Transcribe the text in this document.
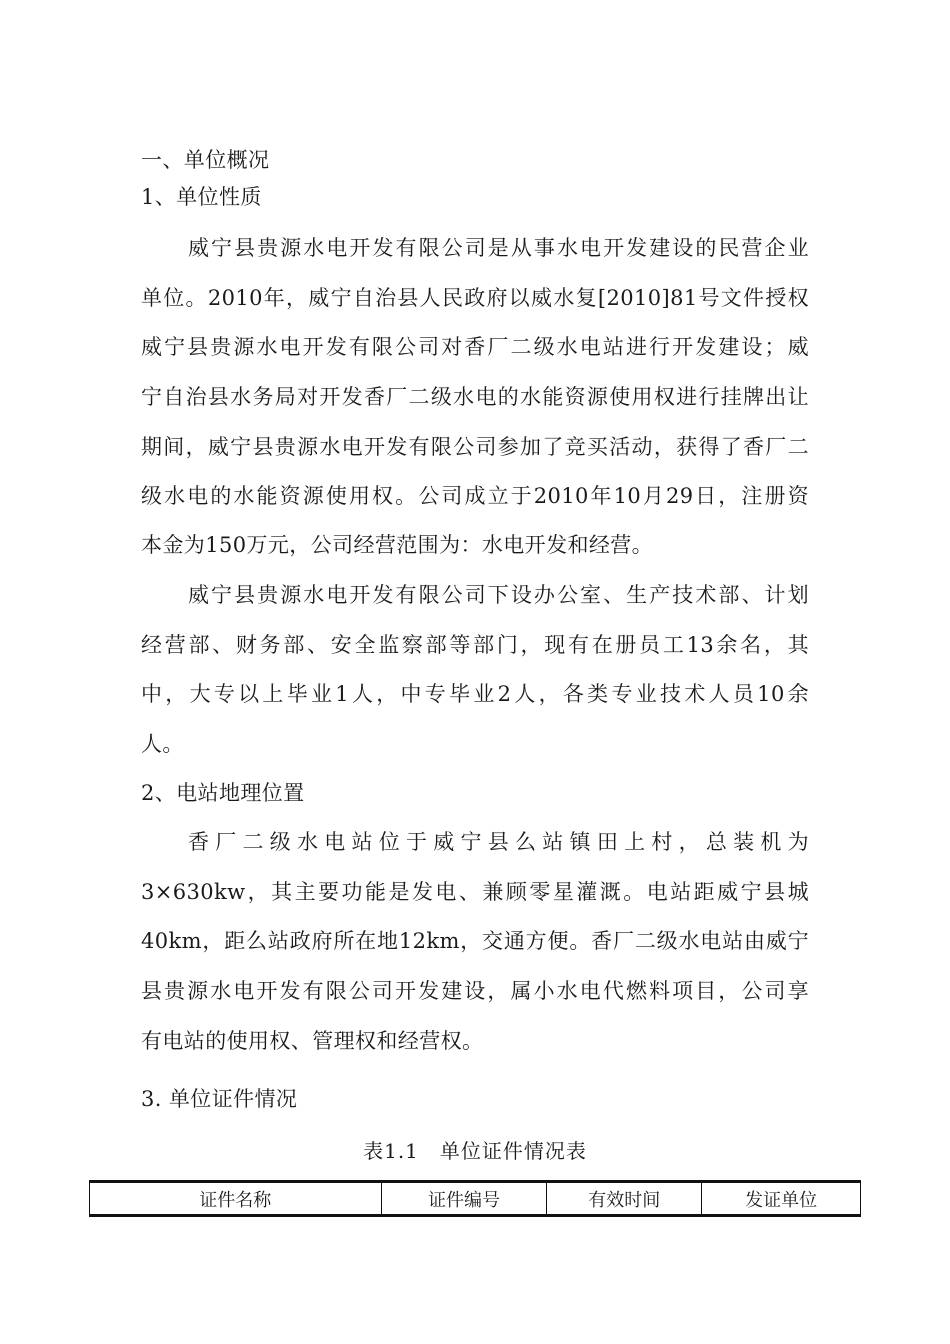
一、单位概况
1、单位性质
威宁县贵源水电开发有限公司是从事水电开发建设的民营企业
单位。2010年，威宁自治县人民政府以威水复[2010]81号文件授权
威宁县贵源水电开发有限公司对香厂二级水电站进行开发建设；威
宁自治县水务局对开发香厂二级水电的水能资源使用权进行挂牌出让
期间，威宁县贵源水电开发有限公司参加了竞买活动，获得了香厂二
级水电的水能资源使用权。公司成立于2010年10月29日，注册资
本金为150万元，公司经营范围为：水电开发和经营。
威宁县贵源水电开发有限公司下设办公室、生产技术部、计划
经营部、财务部、安全监察部等部门，现有在册员工13余名，其
中，大专以上毕业1人，中专毕业2人，各类专业技术人员10余
人。
2、电站地理位置
香厂二级水电站位于威宁县么站镇田上村，总装机为
3×630kw，其主要功能是发电、兼顾零星灌溉。电站距威宁县城
40km，距么站政府所在地12km，交通方便。香厂二级水电站由威宁
县贵源水电开发有限公司开发建设，属小水电代燃料项目，公司享
有电站的使用权、管理权和经营权。
3. 单位证件情况
表1.1　单位证件情况表
证件名称	证件编号	有效时间	发证单位
